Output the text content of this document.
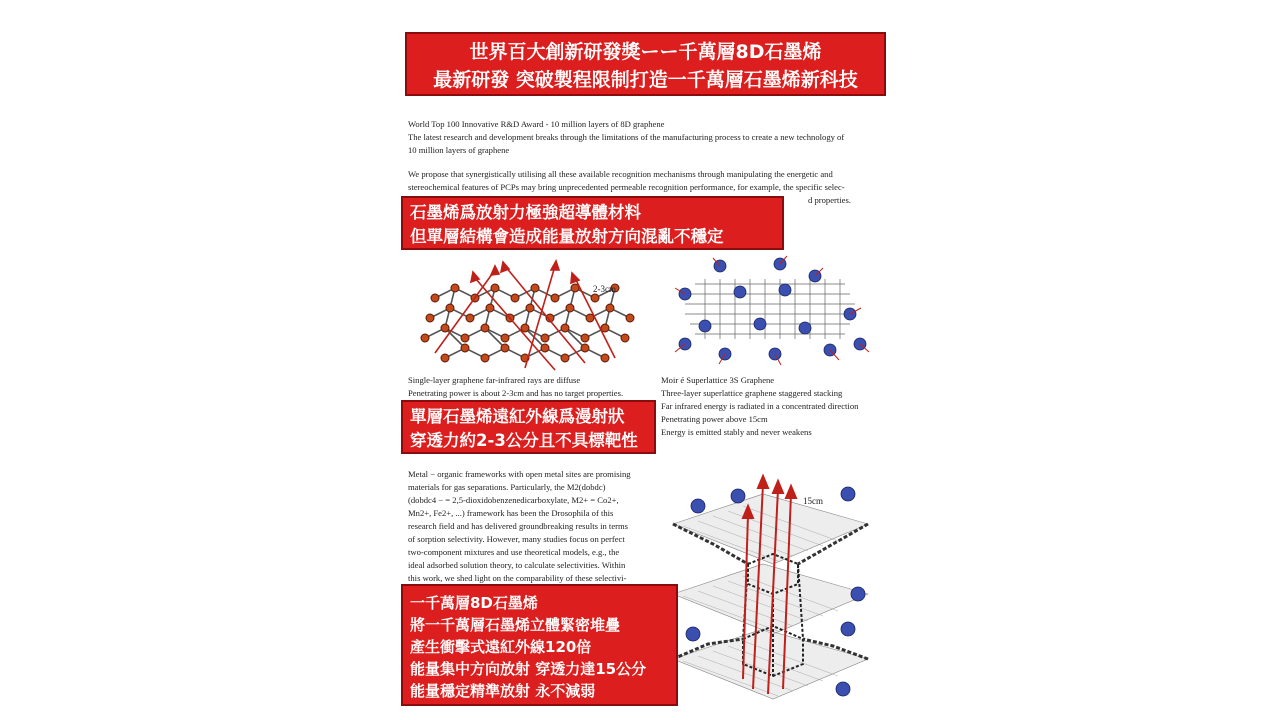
世界百大創新研發獎ーー千萬層8D石墨烯
最新研發 突破製程限制打造一千萬層石墨烯新科技
World Top 100 Innovative R&D Award - 10 million layers of 8D graphene
The latest research and development breaks through the limitations of the manufacturing process to create a new technology of
10 million layers of graphene
We propose that synergistically utilising all these available recognition mechanisms through manipulating the energetic and
stereochemical features of PCPs may bring unprecedented permeable recognition performance, for example, the specific selec-
d properties.
石墨烯爲放射力極強超導體材料
但單層結構會造成能量放射方向混亂不穩定
2-3cm
Single-layer graphene far-infrared rays are diffuse
Penetrating power is about 2-3cm and has no target properties.
Moir é Superlattice 3S Graphene
Three-layer superlattice graphene staggered stacking
Far infrared energy is radiated in a concentrated direction
Penetrating power above 15cm
Energy is emitted stably and never weakens
單層石墨烯遠紅外線爲漫射狀
穿透力約2-3公分且不具標靶性
Metal − organic frameworks with open metal sites are promising
materials for gas separations. Particularly, the M2(dobdc)
(dobdc4 − = 2,5-dioxidobenzenedicarboxylate, M2+ = Co2+,
Mn2+, Fe2+, ...) framework has been the Drosophila of this
research field and has delivered groundbreaking results in terms
of sorption selectivity. However, many studies focus on perfect
two-component mixtures and use theoretical models, e.g., the
ideal adsorbed solution theory, to calculate selectivities. Within
this work, we shed light on the comparability of these selectivi-
15cm
一千萬層8D石墨烯
將一千萬層石墨烯立體緊密堆疊
產生衝擊式遠紅外線120倍
能量集中方向放射 穿透力達15公分
能量穩定精準放射 永不減弱
